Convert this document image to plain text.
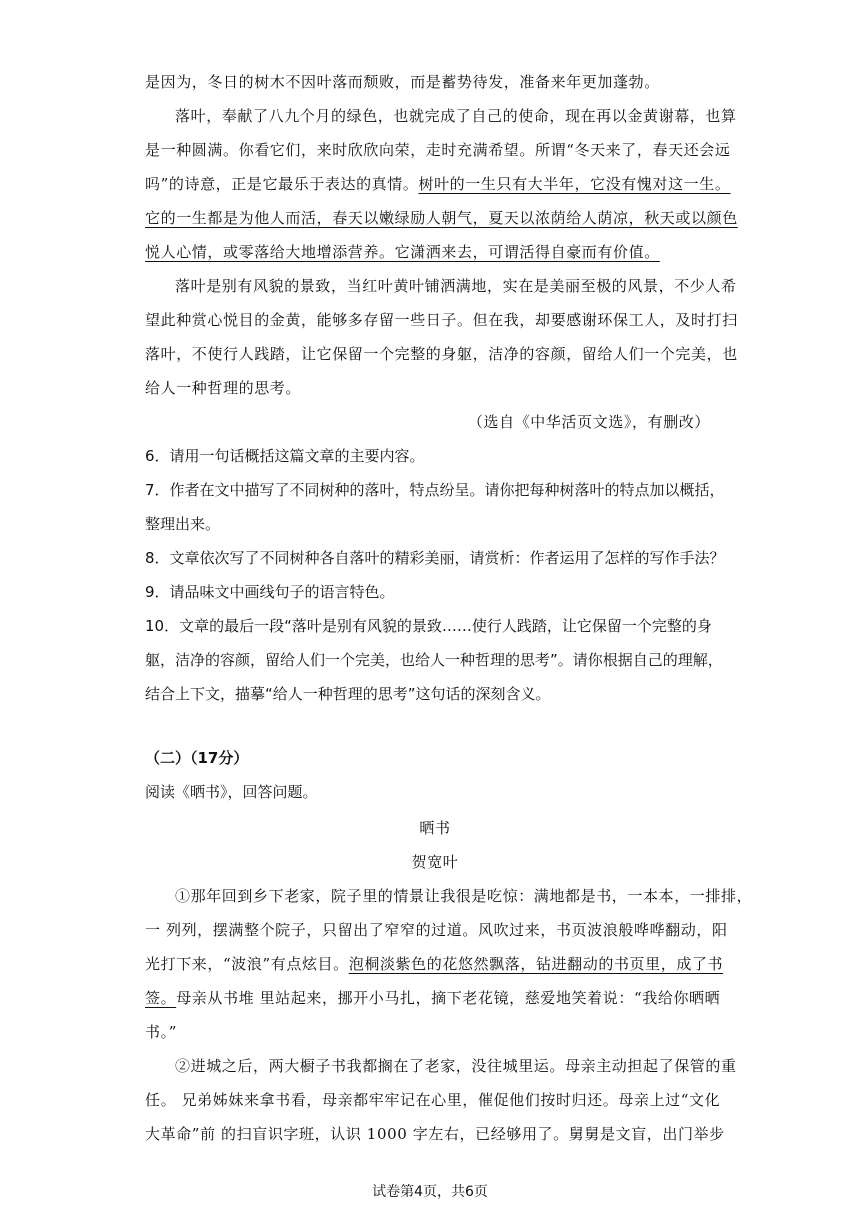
是因为，冬日的树木不因叶落而颓败，而是蓄势待发，准备来年更加蓬勃。
落叶，奉献了八九个月的绿色，也就完成了自己的使命，现在再以金黄谢幕，也算
是一种圆满。你看它们，来时欣欣向荣，走时充满希望。所谓“冬天来了，春天还会远
吗”的诗意，正是它最乐于表达的真情。树叶的一生只有大半年，它没有愧对这一生。
它的一生都是为他人而活，春天以嫩绿励人朝气，夏天以浓荫给人荫凉，秋天或以颜色
悦人心情，或零落给大地增添营养。它潇洒来去，可谓活得自豪而有价值。
落叶是别有风貌的景致，当红叶黄叶铺洒满地，实在是美丽至极的风景，不少人希
望此种赏心悦目的金黄，能够多存留一些日子。但在我，却要感谢环保工人，及时打扫
落叶，不使行人践踏，让它保留一个完整的身躯，洁净的容颜，留给人们一个完美，也
给人一种哲理的思考。
（选自《中华活页文选》，有删改）
6．请用一句话概括这篇文章的主要内容。
7．作者在文中描写了不同树种的落叶，特点纷呈。请你把每种树落叶的特点加以概括，
整理出来。
8．文章依次写了不同树种各自落叶的精彩美丽，请赏析：作者运用了怎样的写作手法？
9．请品味文中画线句子的语言特色。
10．文章的最后一段“落叶是别有风貌的景致……使行人践踏，让它保留一个完整的身
躯，洁净的容颜，留给人们一个完美，也给人一种哲理的思考”。请你根据自己的理解，
结合上下文，描摹“给人一种哲理的思考”这句话的深刻含义。
（二）（17分）
阅读《晒书》，回答问题。
晒书
贺宽叶
①那年回到乡下老家，院子里的情景让我很是吃惊：满地都是书，一本本，一排排，
一 列列，摆满整个院子，只留出了窄窄的过道。风吹过来，书页波浪般哗哗翻动，阳
光打下来，“波浪”有点炫目。泡桐淡紫色的花悠然飘落，钻进翻动的书页里，成了书
签。母亲从书堆 里站起来，挪开小马扎，摘下老花镜，慈爱地笑着说：“我给你晒晒
书。”
②进城之后，两大橱子书我都搁在了老家，没往城里运。母亲主动担起了保管的重
任。 兄弟姊妹来拿书看，母亲都牢牢记在心里，催促他们按时归还。母亲上过“文化
大革命”前 的扫盲识字班，认识 1000 字左右，已经够用了。舅舅是文盲，出门举步
试卷第4页，共6页
